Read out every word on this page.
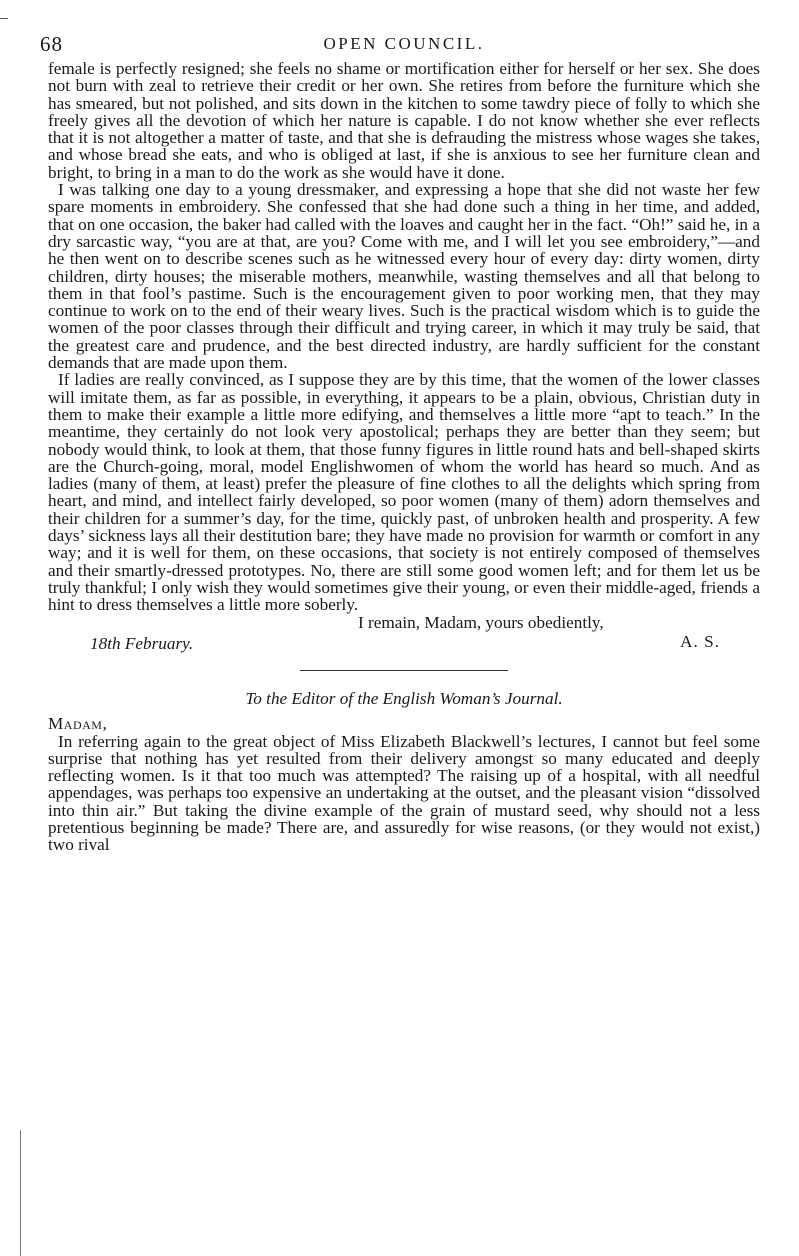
68	OPEN COUNCIL.

female is perfectly resigned; she feels no shame or mortification either for herself or her sex. She does not burn with zeal to retrieve their credit or her own. She retires from before the furniture which she has smeared, but not polished, and sits down in the kitchen to some tawdry piece of folly to which she freely gives all the devotion of which her nature is capable. I do not know whether she ever reflects that it is not altogether a matter of taste, and that she is defrauding the mistress whose wages she takes, and whose bread she eats, and who is obliged at last, if she is anxious to see her furniture clean and bright, to bring in a man to do the work as she would have it done.

I was talking one day to a young dressmaker, and expressing a hope that she did not waste her few spare moments in embroidery. She confessed that she had done such a thing in her time, and added, that on one occasion, the baker had called with the loaves and caught her in the fact. “Oh!” said he, in a dry sarcastic way, “you are at that, are you? Come with me, and I will let you see embroidery,”—and he then went on to describe scenes such as he witnessed every hour of every day: dirty women, dirty children, dirty houses; the miserable mothers, meanwhile, wasting themselves and all that belong to them in that fool’s pastime. Such is the encouragement given to poor working men, that they may continue to work on to the end of their weary lives. Such is the practical wisdom which is to guide the women of the poor classes through their difficult and trying career, in which it may truly be said, that the greatest care and prudence, and the best directed industry, are hardly sufficient for the constant demands that are made upon them.

If ladies are really convinced, as I suppose they are by this time, that the women of the lower classes will imitate them, as far as possible, in everything, it appears to be a plain, obvious, Christian duty in them to make their example a little more edifying, and themselves a little more “apt to teach.” In the meantime, they certainly do not look very apostolical; perhaps they are better than they seem; but nobody would think, to look at them, that those funny figures in little round hats and bell-shaped skirts are the Church-going, moral, model Englishwomen of whom the world has heard so much. And as ladies (many of them, at least) prefer the pleasure of fine clothes to all the delights which spring from heart, and mind, and intellect fairly developed, so poor women (many of them) adorn themselves and their children for a summer’s day, for the time, quickly past, of unbroken health and prosperity. A few days’ sickness lays all their destitution bare; they have made no provision for warmth or comfort in any way; and it is well for them, on these occasions, that society is not entirely composed of themselves and their smartly-dressed prototypes. No, there are still some good women left; and for them let us be truly thankful; I only wish they would sometimes give their young, or even their middle-aged, friends a hint to dress themselves a little more soberly.

I remain, Madam, yours obediently,
18th February.	A. S.
To the Editor of the English Woman’s Journal.
Madam,

In referring again to the great object of Miss Elizabeth Blackwell’s lectures, I cannot but feel some surprise that nothing has yet resulted from their delivery amongst so many educated and deeply reflecting women. Is it that too much was attempted? The raising up of a hospital, with all needful appendages, was perhaps too expensive an undertaking at the outset, and the pleasant vision “dissolved into thin air.” But taking the divine example of the grain of mustard seed, why should not a less pretentious beginning be made? There are, and assuredly for wise reasons, (or they would not exist,) two rival
